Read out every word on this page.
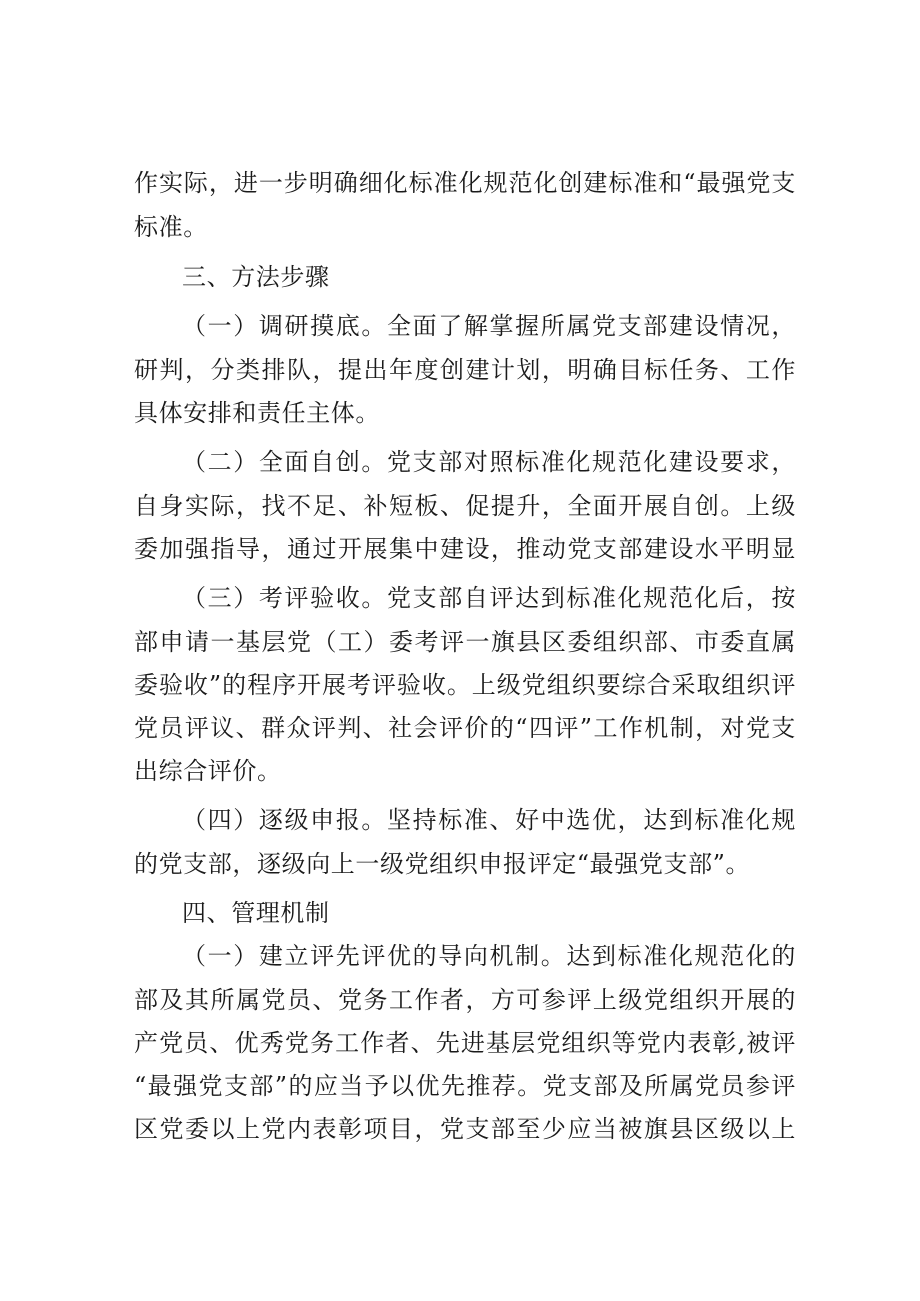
作实际，进一步明确细化标准化规范化创建标准和“最强党支
标准。
三、方法步骤
（一）调研摸底。全面了解掌握所属党支部建设情况，
研判，分类排队，提出年度创建计划，明确目标任务、工作
具体安排和责任主体。
（二）全面自创。党支部对照标准化规范化建设要求，
自身实际，找不足、补短板、促提升，全面开展自创。上级
委加强指导，通过开展集中建设，推动党支部建设水平明显
（三）考评验收。党支部自评达到标准化规范化后，按
部申请一基层党（工）委考评一旗县区委组织部、市委直属
委验收”的程序开展考评验收。上级党组织要综合采取组织评
党员评议、群众评判、社会评价的“四评”工作机制，对党支
出综合评价。
（四）逐级申报。坚持标准、好中选优，达到标准化规
的党支部，逐级向上一级党组织申报评定“最强党支部”。
四、管理机制
（一）建立评先评优的导向机制。达到标准化规范化的
部及其所属党员、党务工作者，方可参评上级党组织开展的
产党员、优秀党务工作者、先进基层党组织等党内表彰,被评
“最强党支部”的应当予以优先推荐。党支部及所属党员参评
区党委以上党内表彰项目，党支部至少应当被旗县区级以上
